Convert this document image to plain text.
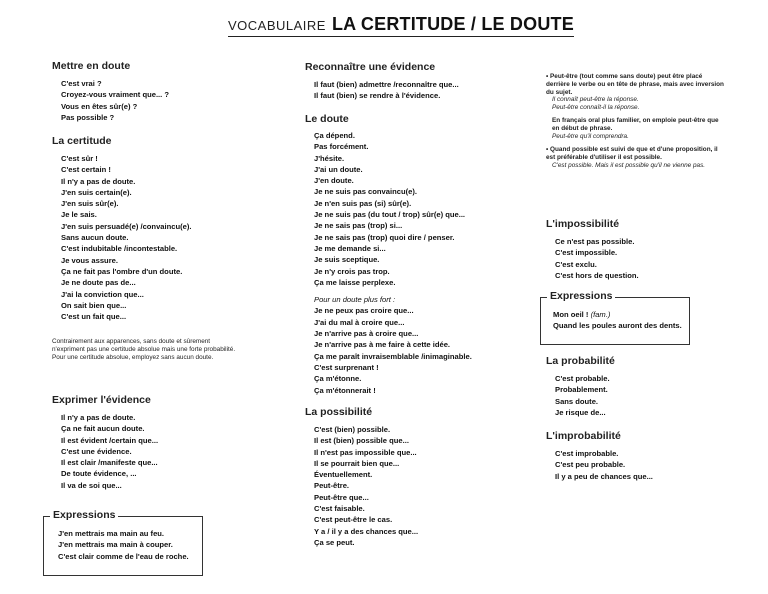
VOCABULAIRE LA CERTITUDE / LE DOUTE
Mettre en doute
C'est vrai ?
Croyez-vous vraiment que... ?
Vous en êtes sûr(e) ?
Pas possible ?
La certitude
C'est sûr !
C'est certain !
Il n'y a pas de doute.
J'en suis certain(e).
J'en suis sûr(e).
Je le sais.
J'en suis persuadé(e) /convaincu(e).
Sans aucun doute.
C'est indubitable /incontestable.
Je vous assure.
Ça ne fait pas l'ombre d'un doute.
Je ne doute pas de...
J'ai la conviction que...
On sait bien que...
C'est un fait que...

Contrairement aux apparences, sans doute et sûrement n'expriment pas une certitude absolue mais une forte probabilité. Pour une certitude absolue, employez sans aucun doute.

Exprimer l'évidence
Il n'y a pas de doute.
Ça ne fait aucun doute.
Il est évident /certain que...
C'est une évidence.
Il est clair /manifeste que...
De toute évidence, ...
Il va de soi que...
Expressions
J'en mettrais ma main au feu.
J'en mettrais ma main à couper.
C'est clair comme de l'eau de roche.
Reconnaître une évidence
Il faut (bien) admettre /reconnaître que...
Il faut (bien) se rendre à l'évidence.
Le doute
Ça dépend.
Pas forcément.
J'hésite.
J'ai un doute.
J'en doute.
Je ne suis pas convaincu(e).
Je n'en suis pas (si) sûr(e).
Je ne suis pas (du tout / trop) sûr(e) que...
Je ne sais pas (trop) si...
Je ne sais pas (trop) quoi dire / penser.
Je me demande si...
Je suis sceptique.
Je n'y crois pas trop.
Ça me laisse perplexe.
Pour un doute plus fort :
Je ne peux pas croire que...
J'ai du mal à croire que...
Je n'arrive pas à croire que...
Je n'arrive pas à me faire à cette idée.
Ça me paraît invraisemblable /inimaginable.
C'est surprenant !
Ça m'étonne.
Ça m'étonnerait !
La possibilité
C'est (bien) possible.
Il est (bien) possible que...
Il n'est pas impossible que...
Il se pourrait bien que...
Éventuellement.
Peut-être.
Peut-être que...
C'est faisable.
C'est peut-être le cas.
Y a / il y a des chances que...
Ça se peut.

• Peut-être (tout comme sans doute) peut être placé derrière le verbe ou en tête de phrase, mais avec inversion du sujet.

Il connaît peut-être la réponse.

Peut-être connaît-il la réponse.

En français oral plus familier, on emploie peut-être que en début de phrase.

Peut-être qu'il comprendra.

• Quand possible est suivi de que et d'une proposition, il est préférable d'utiliser il est possible.

C'est possible. Mais il est possible qu'il ne vienne pas.

L'impossibilité
Ce n'est pas possible.
C'est impossible.
C'est exclu.
C'est hors de question.
Expressions
Mon oeil ! (fam.)
Quand les poules auront des dents.
La probabilité
C'est probable.
Probablement.
Sans doute.
Je risque de...
L'improbabilité
C'est improbable.
C'est peu probable.
Il y a peu de chances que...
